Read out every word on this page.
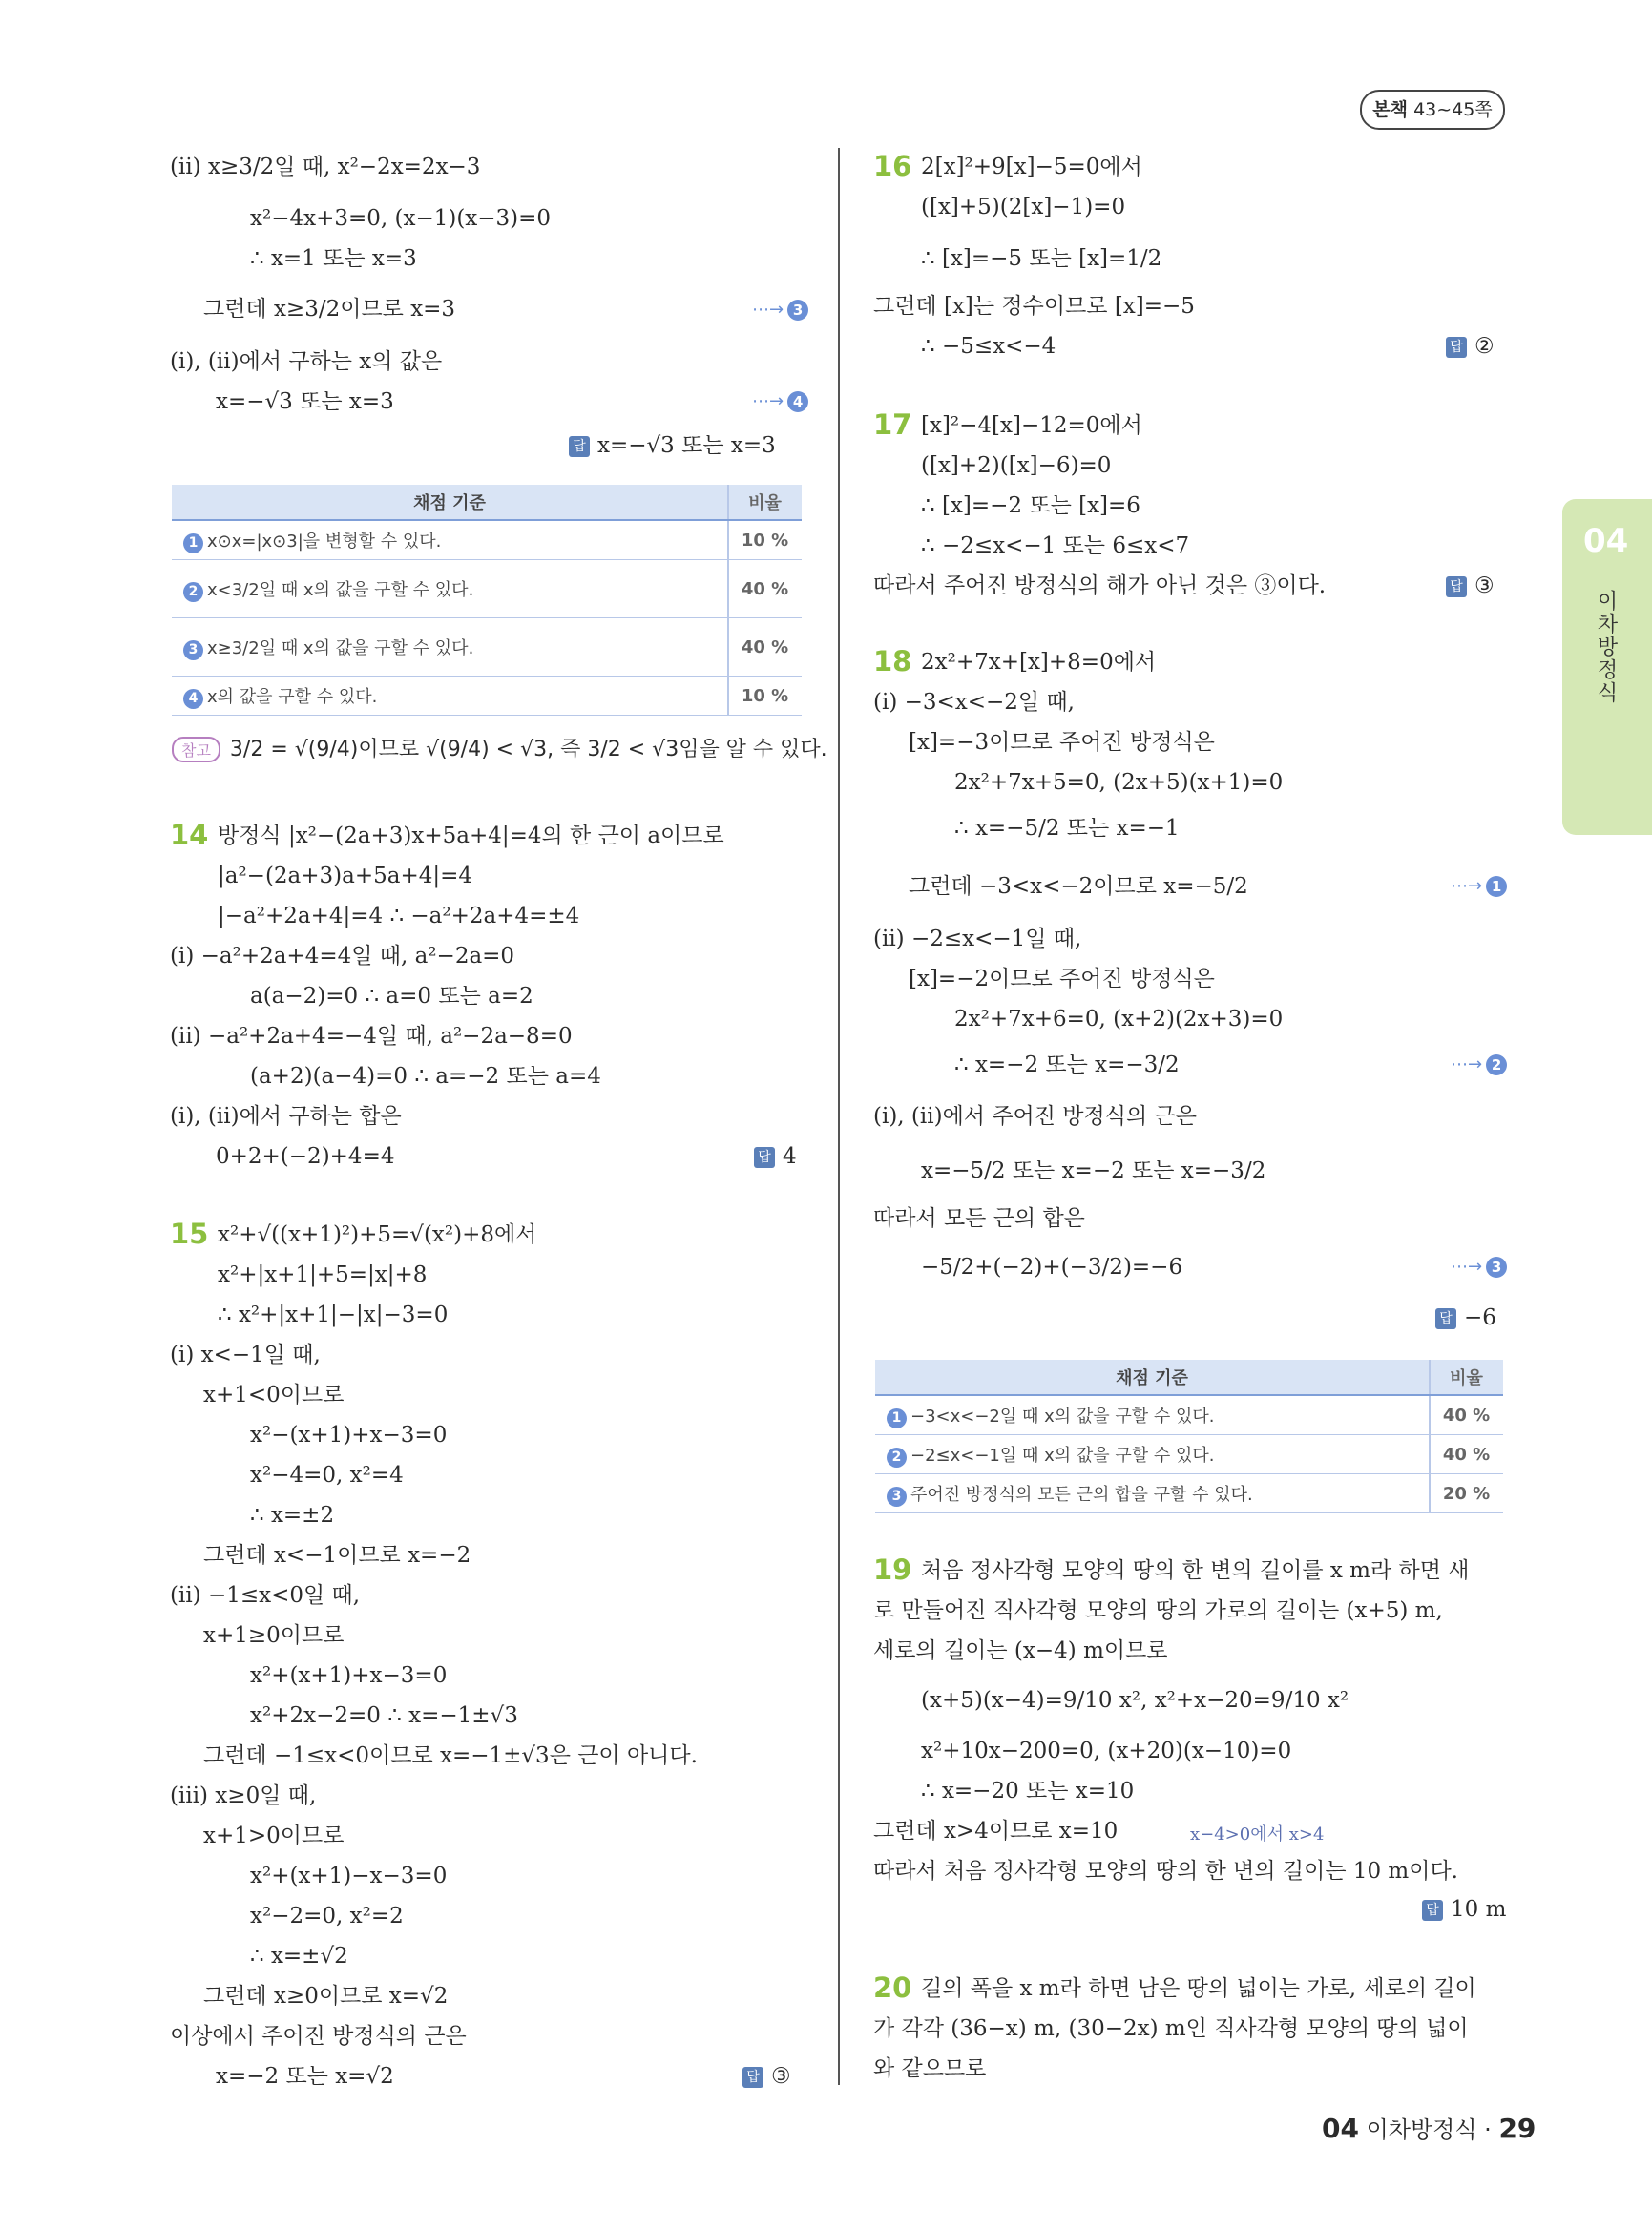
본책 43~45쪽
04
이차방정식
(ⅱ) x≥3/2일 때, x²−2x=2x−3
x²−4x+3=0, (x−1)(x−3)=0
∴ x=1 또는 x=3
그런데 x≥3/2이므로 x=3	⋯→ 3
(ⅰ), (ⅱ)에서 구하는 x의 값은
x=−√3 또는 x=3	⋯→ 4
답 x=−√3 또는 x=3
채점 기준	비율
1 x⊙x=|x⊙3|을 변형할 수 있다.	10 %
2 x<3/2일 때 x의 값을 구할 수 있다.	40 %
3 x≥3/2일 때 x의 값을 구할 수 있다.	40 %
4 x의 값을 구할 수 있다.	10 %
참고 3/2 = √(9/4)이므로 √(9/4) < √3, 즉 3/2 < √3임을 알 수 있다.
14 방정식 |x²−(2a+3)x+5a+4|=4의 한 근이 a이므로
|a²−(2a+3)a+5a+4|=4
|−a²+2a+4|=4 ∴ −a²+2a+4=±4
(ⅰ) −a²+2a+4=4일 때, a²−2a=0
a(a−2)=0 ∴ a=0 또는 a=2
(ⅱ) −a²+2a+4=−4일 때, a²−2a−8=0
(a+2)(a−4)=0 ∴ a=−2 또는 a=4
(ⅰ), (ⅱ)에서 구하는 합은
0+2+(−2)+4=4	답 4
15 x²+√((x+1)²)+5=√(x²)+8에서
x²+|x+1|+5=|x|+8
∴ x²+|x+1|−|x|−3=0
(ⅰ) x<−1일 때,
x+1<0이므로
x²−(x+1)+x−3=0
x²−4=0, x²=4
∴ x=±2
그런데 x<−1이므로 x=−2
(ⅱ) −1≤x<0일 때,
x+1≥0이므로
x²+(x+1)+x−3=0
x²+2x−2=0 ∴ x=−1±√3
그런데 −1≤x<0이므로 x=−1±√3은 근이 아니다.
(ⅲ) x≥0일 때,
x+1>0이므로
x²+(x+1)−x−3=0
x²−2=0, x²=2
∴ x=±√2
그런데 x≥0이므로 x=√2
이상에서 주어진 방정식의 근은
x=−2 또는 x=√2	답 ③
16 2[x]²+9[x]−5=0에서
([x]+5)(2[x]−1)=0
∴ [x]=−5 또는 [x]=1/2
그런데 [x]는 정수이므로 [x]=−5
∴ −5≤x<−4	답 ②
17 [x]²−4[x]−12=0에서
([x]+2)([x]−6)=0
∴ [x]=−2 또는 [x]=6
∴ −2≤x<−1 또는 6≤x<7
따라서 주어진 방정식의 해가 아닌 것은 ③이다.	답 ③
18 2x²+7x+[x]+8=0에서
(ⅰ) −3<x<−2일 때,
[x]=−3이므로 주어진 방정식은
2x²+7x+5=0, (2x+5)(x+1)=0
∴ x=−5/2 또는 x=−1
그런데 −3<x<−2이므로 x=−5/2	⋯→ 1
(ⅱ) −2≤x<−1일 때,
[x]=−2이므로 주어진 방정식은
2x²+7x+6=0, (x+2)(2x+3)=0
∴ x=−2 또는 x=−3/2	⋯→ 2
(ⅰ), (ⅱ)에서 주어진 방정식의 근은
x=−5/2 또는 x=−2 또는 x=−3/2
따라서 모든 근의 합은
−5/2+(−2)+(−3/2)=−6	⋯→ 3
답 −6
채점 기준	비율
1 −3<x<−2일 때 x의 값을 구할 수 있다.	40 %
2 −2≤x<−1일 때 x의 값을 구할 수 있다.	40 %
3 주어진 방정식의 모든 근의 합을 구할 수 있다.	20 %
19 처음 정사각형 모양의 땅의 한 변의 길이를 x m라 하면 새
로 만들어진 직사각형 모양의 땅의 가로의 길이는 (x+5) m,
세로의 길이는 (x−4) m이므로
(x+5)(x−4)=9/10 x², x²+x−20=9/10 x²
x²+10x−200=0, (x+20)(x−10)=0
∴ x=−20 또는 x=10
그런데 x>4이므로 x=10	x−4>0에서 x>4
따라서 처음 정사각형 모양의 땅의 한 변의 길이는 10 m이다.
답 10 m
20 길의 폭을 x m라 하면 남은 땅의 넓이는 가로, 세로의 길이
가 각각 (36−x) m, (30−2x) m인 직사각형 모양의 땅의 넓이
와 같으므로
04 이차방정식 · 29
